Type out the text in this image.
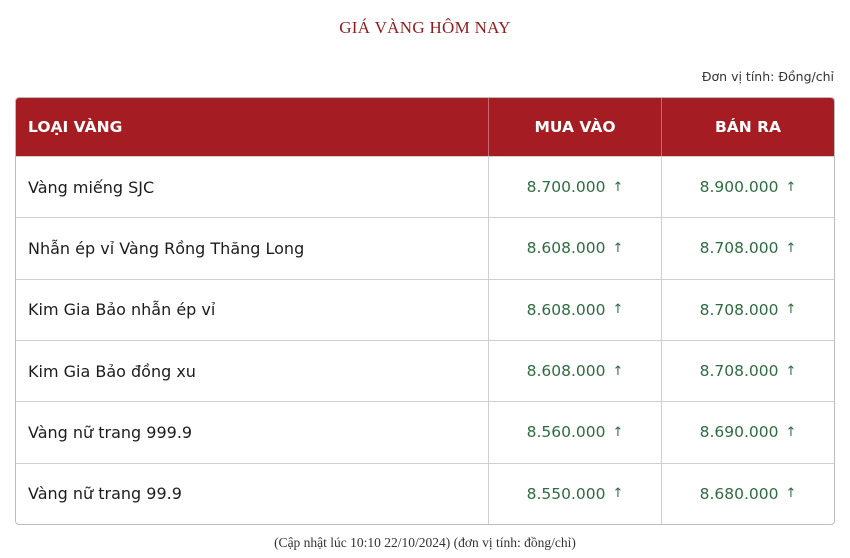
GIÁ VÀNG HÔM NAY
Đơn vị tính: Đồng/chỉ
LOẠI VÀNG	MUA VÀO	BÁN RA
Vàng miếng SJC	8.700.000 ↑	8.900.000 ↑
Nhẫn ép vỉ Vàng Rồng Thăng Long	8.608.000 ↑	8.708.000 ↑
Kim Gia Bảo nhẫn ép vỉ	8.608.000 ↑	8.708.000 ↑
Kim Gia Bảo đồng xu	8.608.000 ↑	8.708.000 ↑
Vàng nữ trang 999.9	8.560.000 ↑	8.690.000 ↑
Vàng nữ trang 99.9	8.550.000 ↑	8.680.000 ↑
(Cập nhật lúc 10:10 22/10/2024) (đơn vị tính: đồng/chỉ)
